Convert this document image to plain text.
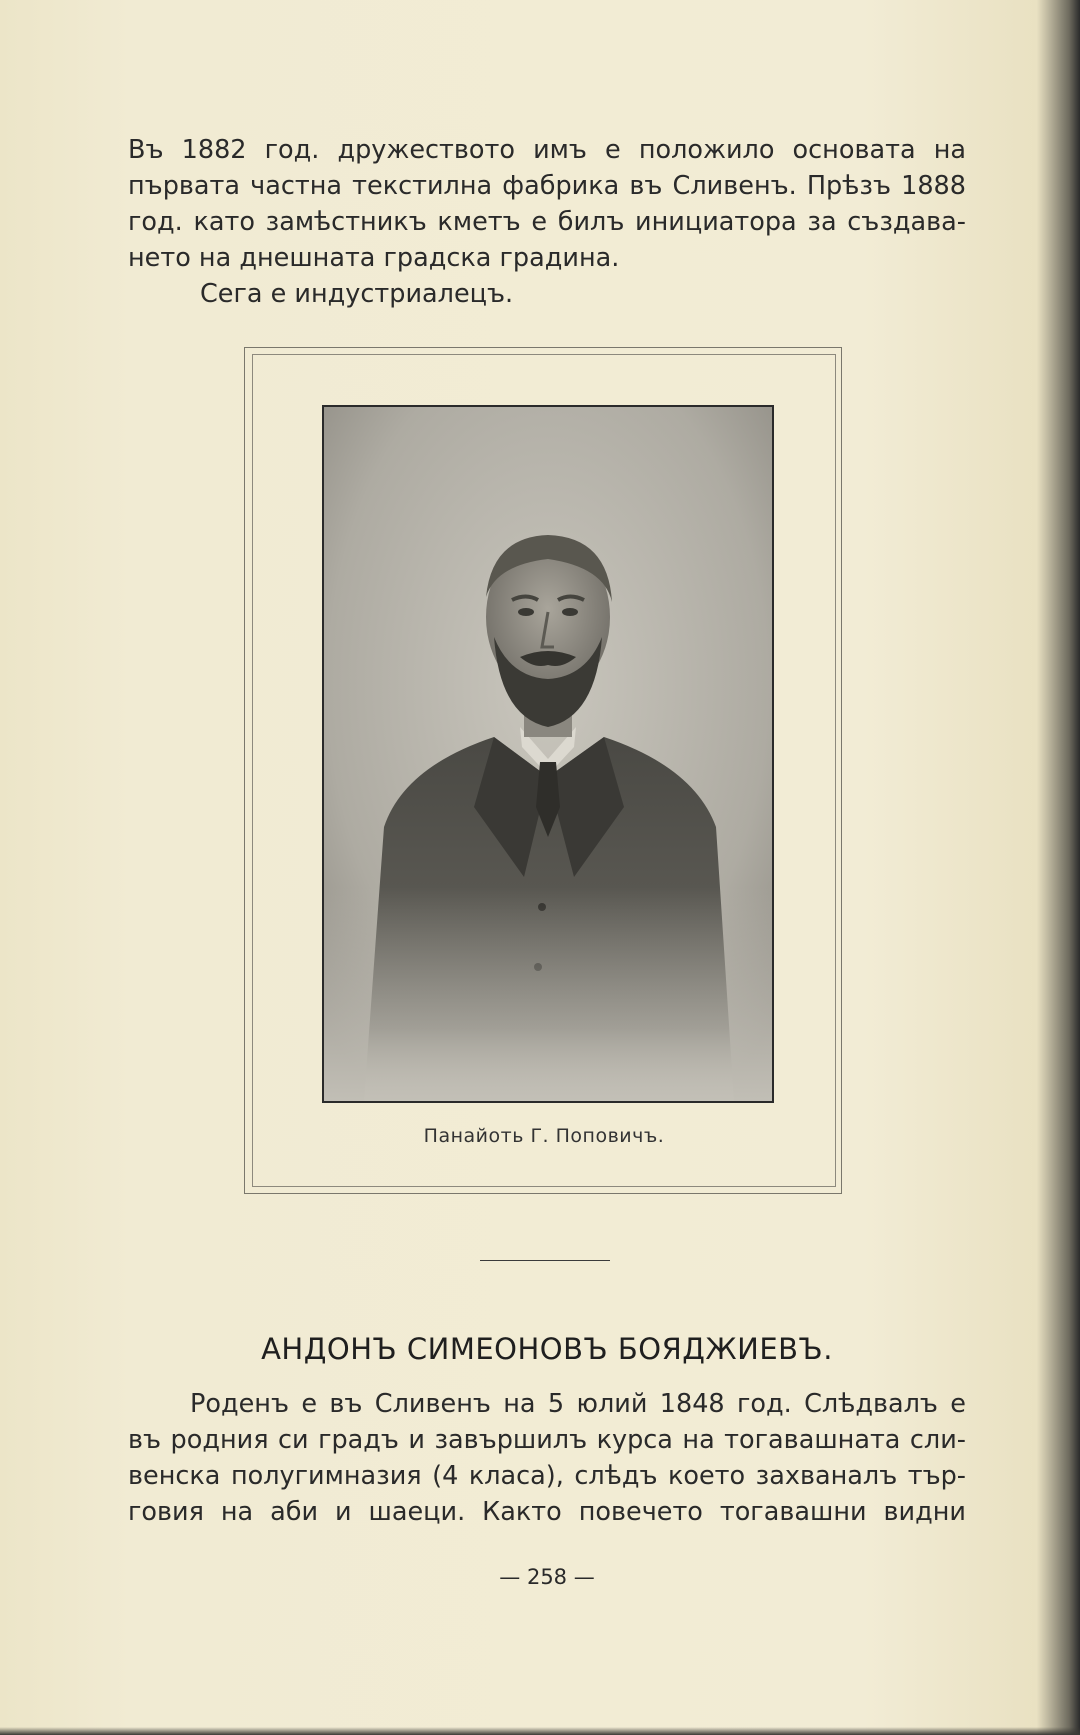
Въ 1882 год. дружеството имъ е положило основата на
първата частна текстилна фабрика въ Сливенъ. Прѣзъ 1888
год. като замѣстникъ кметъ е билъ инициатора за създава-
нето на днешната градска градина.

Сега е индустриалецъ.

Панайоть Г. Поповичъ.
АНДОНЪ СИМЕОНОВЪ БОЯДЖИЕВЪ.

Роденъ е въ Сливенъ на 5 юлий 1848 год. Слѣдвалъ е
въ родния си градъ и завършилъ курса на тогавашната сли-
венска полугимназия (4 класа), слѣдъ което захваналъ тър-
говия на аби и шаеци. Както повечето тогавашни видни

— 258 —
